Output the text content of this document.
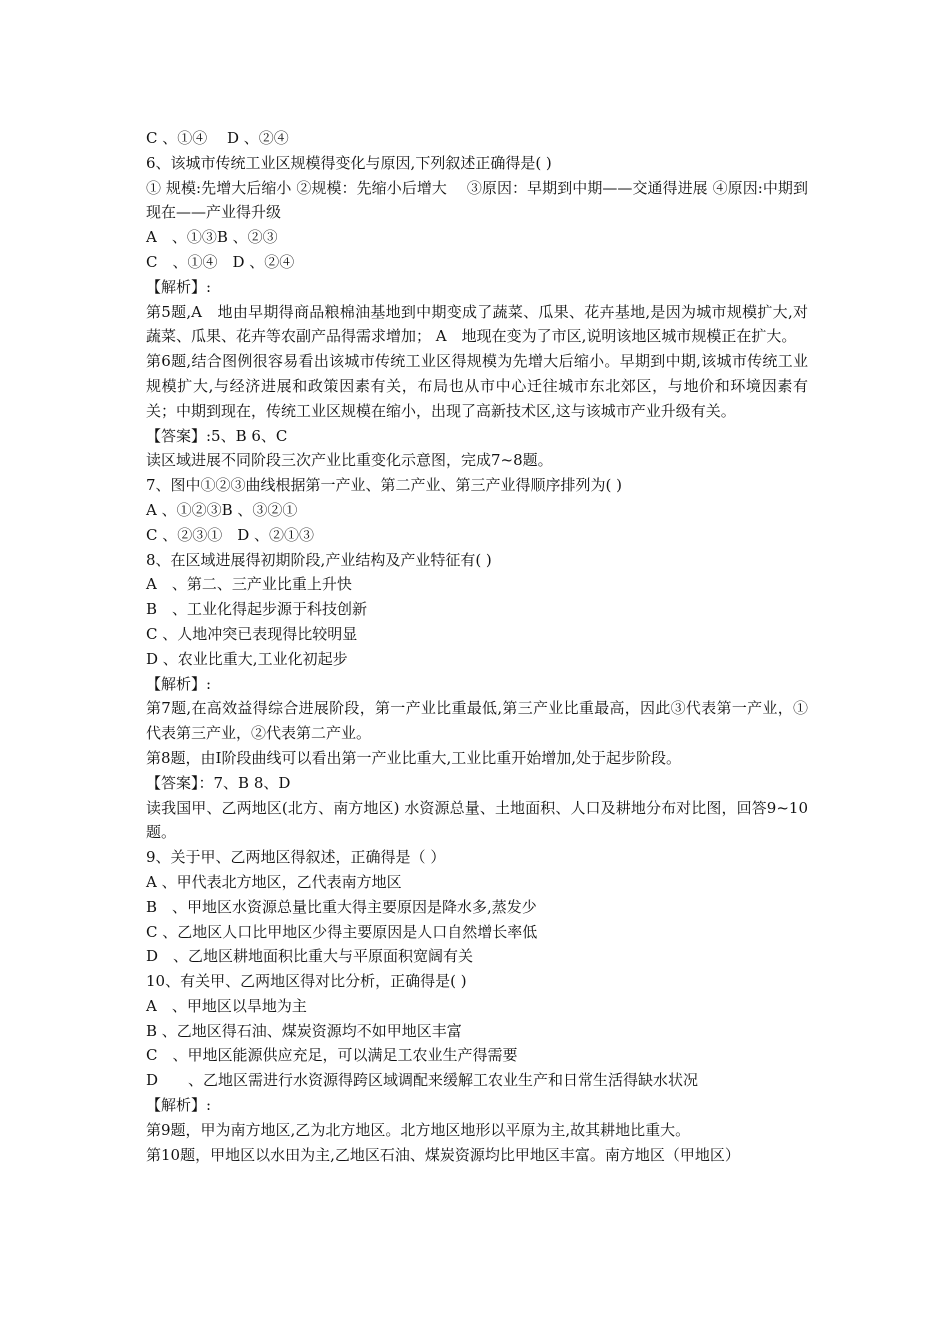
C 、①④　 D 、②④

6、该城市传统工业区规模得变化与原因,下列叙述正确得是( )

① 规模:先增大后缩小 ②规模：先缩小后增大　 ③原因：早期到中期——交通得进展 ④原因:中期到现在——产业得升级

A　、①③B 、②③

C　、①④　D 、②④

【解析】:

第5题,A　地由早期得商品粮棉油基地到中期变成了蔬菜、瓜果、花卉基地,是因为城市规模扩大,对蔬菜、瓜果、花卉等农副产品得需求增加； A　地现在变为了市区,说明该地区城市规模正在扩大。

第6题,结合图例很容易看出该城市传统工业区得规模为先增大后缩小。早期到中期,该城市传统工业规模扩大,与经济进展和政策因素有关，布局也从市中心迁往城市东北郊区，与地价和环境因素有关；中期到现在，传统工业区规模在缩小，出现了高新技术区,这与该城市产业升级有关。

【答案】:5、B 6、C

读区域进展不同阶段三次产业比重变化示意图，完成7~8题。

7、图中①②③曲线根据第一产业、第二产业、第三产业得顺序排列为( )

A 、①②③B 、③②①

C 、②③①　D 、②①③

8、在区域进展得初期阶段,产业结构及产业特征有( )

A　、第二、三产业比重上升快

B　、工业化得起步源于科技创新

C 、人地冲突已表现得比较明显

D 、农业比重大,工业化初起步

【解析】:

第7题,在高效益得综合进展阶段，第一产业比重最低,第三产业比重最高，因此③代表第一产业，①代表第三产业，②代表第二产业。

第8题，由Ⅰ阶段曲线可以看出第一产业比重大,工业比重开始增加,处于起步阶段。

【答案】：7、B 8、D

读我国甲、乙两地区(北方、南方地区) 水资源总量、土地面积、人口及耕地分布对比图，回答9~10题。

9、关于甲、乙两地区得叙述，正确得是（ ）

A 、甲代表北方地区，乙代表南方地区

B　、甲地区水资源总量比重大得主要原因是降水多,蒸发少

C 、乙地区人口比甲地区少得主要原因是人口自然增长率低

D　、乙地区耕地面积比重大与平原面积宽阔有关

10、有关甲、乙两地区得对比分析，正确得是( )

A　、甲地区以旱地为主

B 、乙地区得石油、煤炭资源均不如甲地区丰富

C　、甲地区能源供应充足，可以满足工农业生产得需要

D　　、乙地区需进行水资源得跨区域调配来缓解工农业生产和日常生活得缺水状况

【解析】:

第9题，甲为南方地区,乙为北方地区。北方地区地形以平原为主,故其耕地比重大。

第10题，甲地区以水田为主,乙地区石油、煤炭资源均比甲地区丰富。南方地区（甲地区）
